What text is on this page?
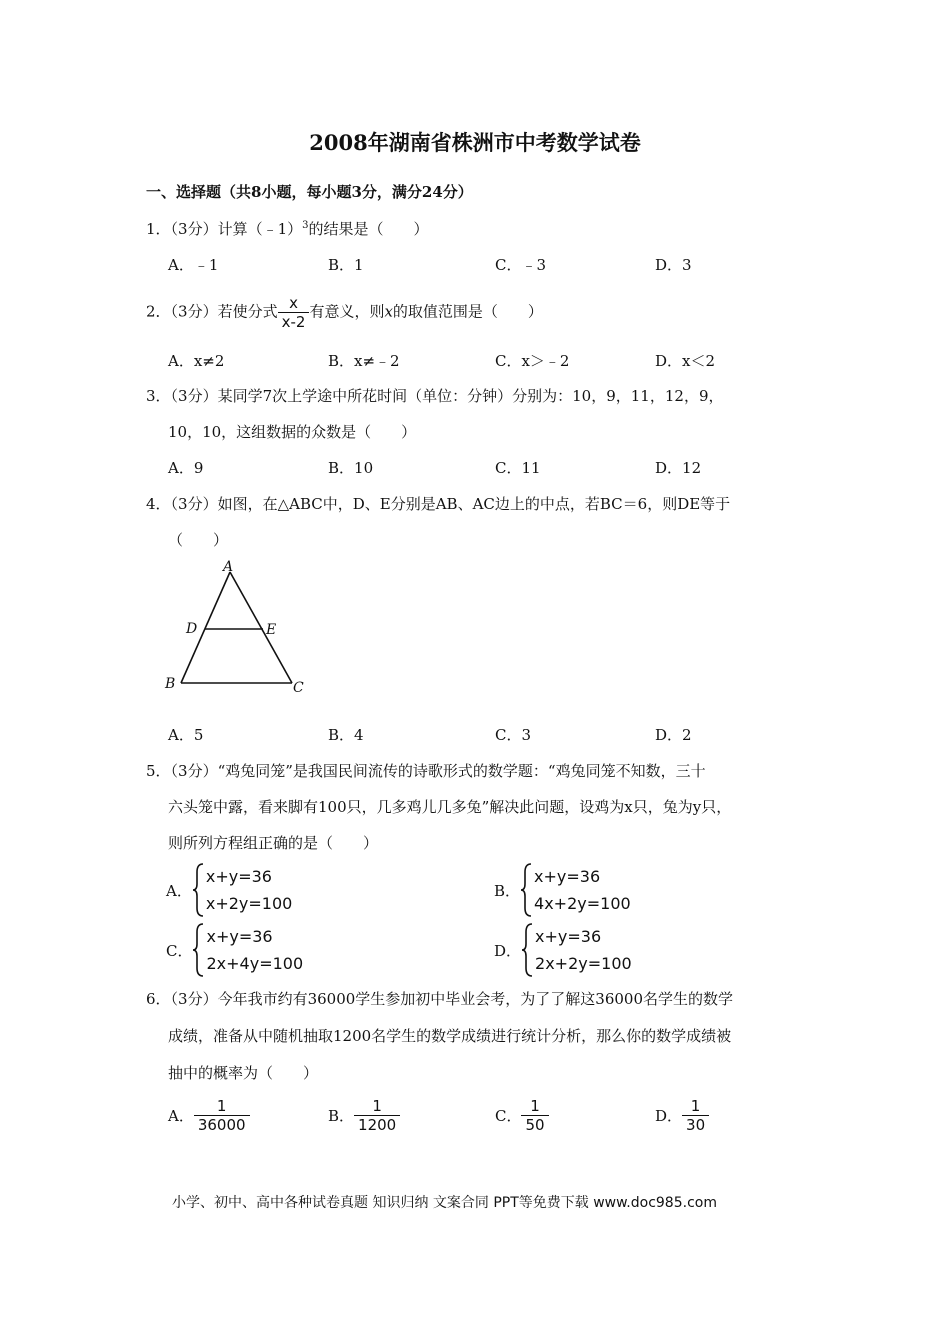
2008年湖南省株洲市中考数学试卷
一、选择题（共8小题，每小题3分，满分24分）
1．（3分）计算（﹣1）$^3$的结果是（　　）
A．﹣1	B．1	C．﹣3	D．3
2．（3分）若使分式 $\frac{x}{x-2}$ 有意义，则x的取值范围是（　　）
A．x≠2	B．x≠﹣2	C．x＞﹣2	D．x＜2
3．（3分）某同学7次上学途中所花时间（单位：分钟）分别为：10，9，11，12，9，
10，10，这组数据的众数是（　　）
A．9	B．10	C．11	D．12
4．（3分）如图，在△ABC中，D、E分别是AB、AC边上的中点，若BC＝6，则DE等于
（　　）
A
B	C
D	E
A．5	B．4	C．3	D．2
5．（3分）“鸡兔同笼”是我国民间流传的诗歌形式的数学题：“鸡兔同笼不知数，三十
六头笼中露，看来脚有100只，几多鸡儿几多兔”解决此问题，设鸡为x只，兔为y只，
则所列方程组正确的是（　　）
A．
x+y=36
x+2y=100
B．
x+y=36
4x+2y=100
C．
x+y=36
2x+4y=100
D．
x+y=36
2x+2y=100
6．（3分）今年我市约有36000学生参加初中毕业会考，为了了解这36000名学生的数学
成绩，准备从中随机抽取1200名学生的数学成绩进行统计分析，那么你的数学成绩被
抽中的概率为（　　）
A． $\frac{1}{36000}$	B． $\frac{1}{1200}$	C． $\frac{1}{50}$	D． $\frac{1}{30}$
小学、初中、高中各种试卷真题 知识归纳 文案合同 PPT等免费下载 www.doc985.com
